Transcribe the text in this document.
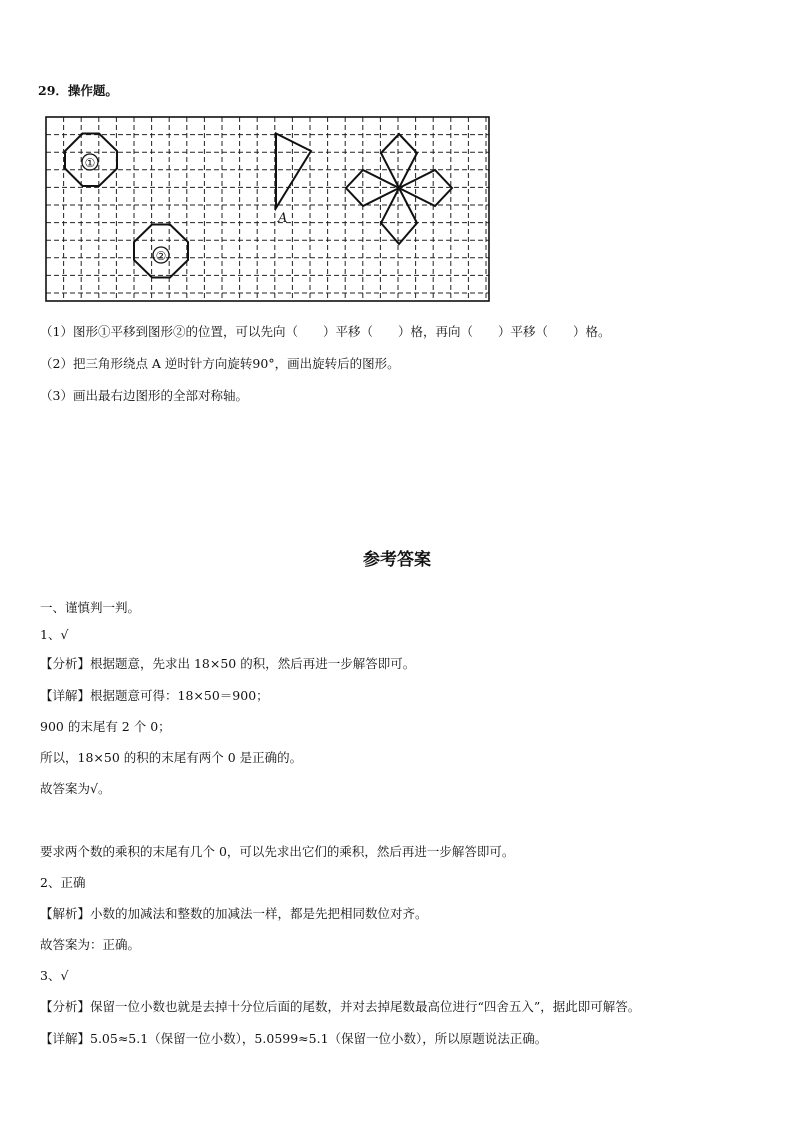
29．操作题。
①
②
A
（1）图形①平移到图形②的位置，可以先向（　　）平移（　　）格，再向（　　）平移（　　）格。
（2）把三角形绕点 A 逆时针方向旋转90°，画出旋转后的图形。
（3）画出最右边图形的全部对称轴。
参考答案
一、谨慎判一判。
1、√
【分析】根据题意，先求出 18×50 的积，然后再进一步解答即可。
【详解】根据题意可得：18×50＝900；
900 的末尾有 2 个 0；
所以，18×50 的积的末尾有两个 0 是正确的。
故答案为√。
要求两个数的乘积的末尾有几个 0，可以先求出它们的乘积，然后再进一步解答即可。
2、正确
【解析】小数的加减法和整数的加减法一样，都是先把相同数位对齐。
故答案为：正确。
3、√
【分析】保留一位小数也就是去掉十分位后面的尾数，并对去掉尾数最高位进行“四舍五入”，据此即可解答。
【详解】5.05≈5.1（保留一位小数），5.0599≈5.1（保留一位小数），所以原题说法正确。
